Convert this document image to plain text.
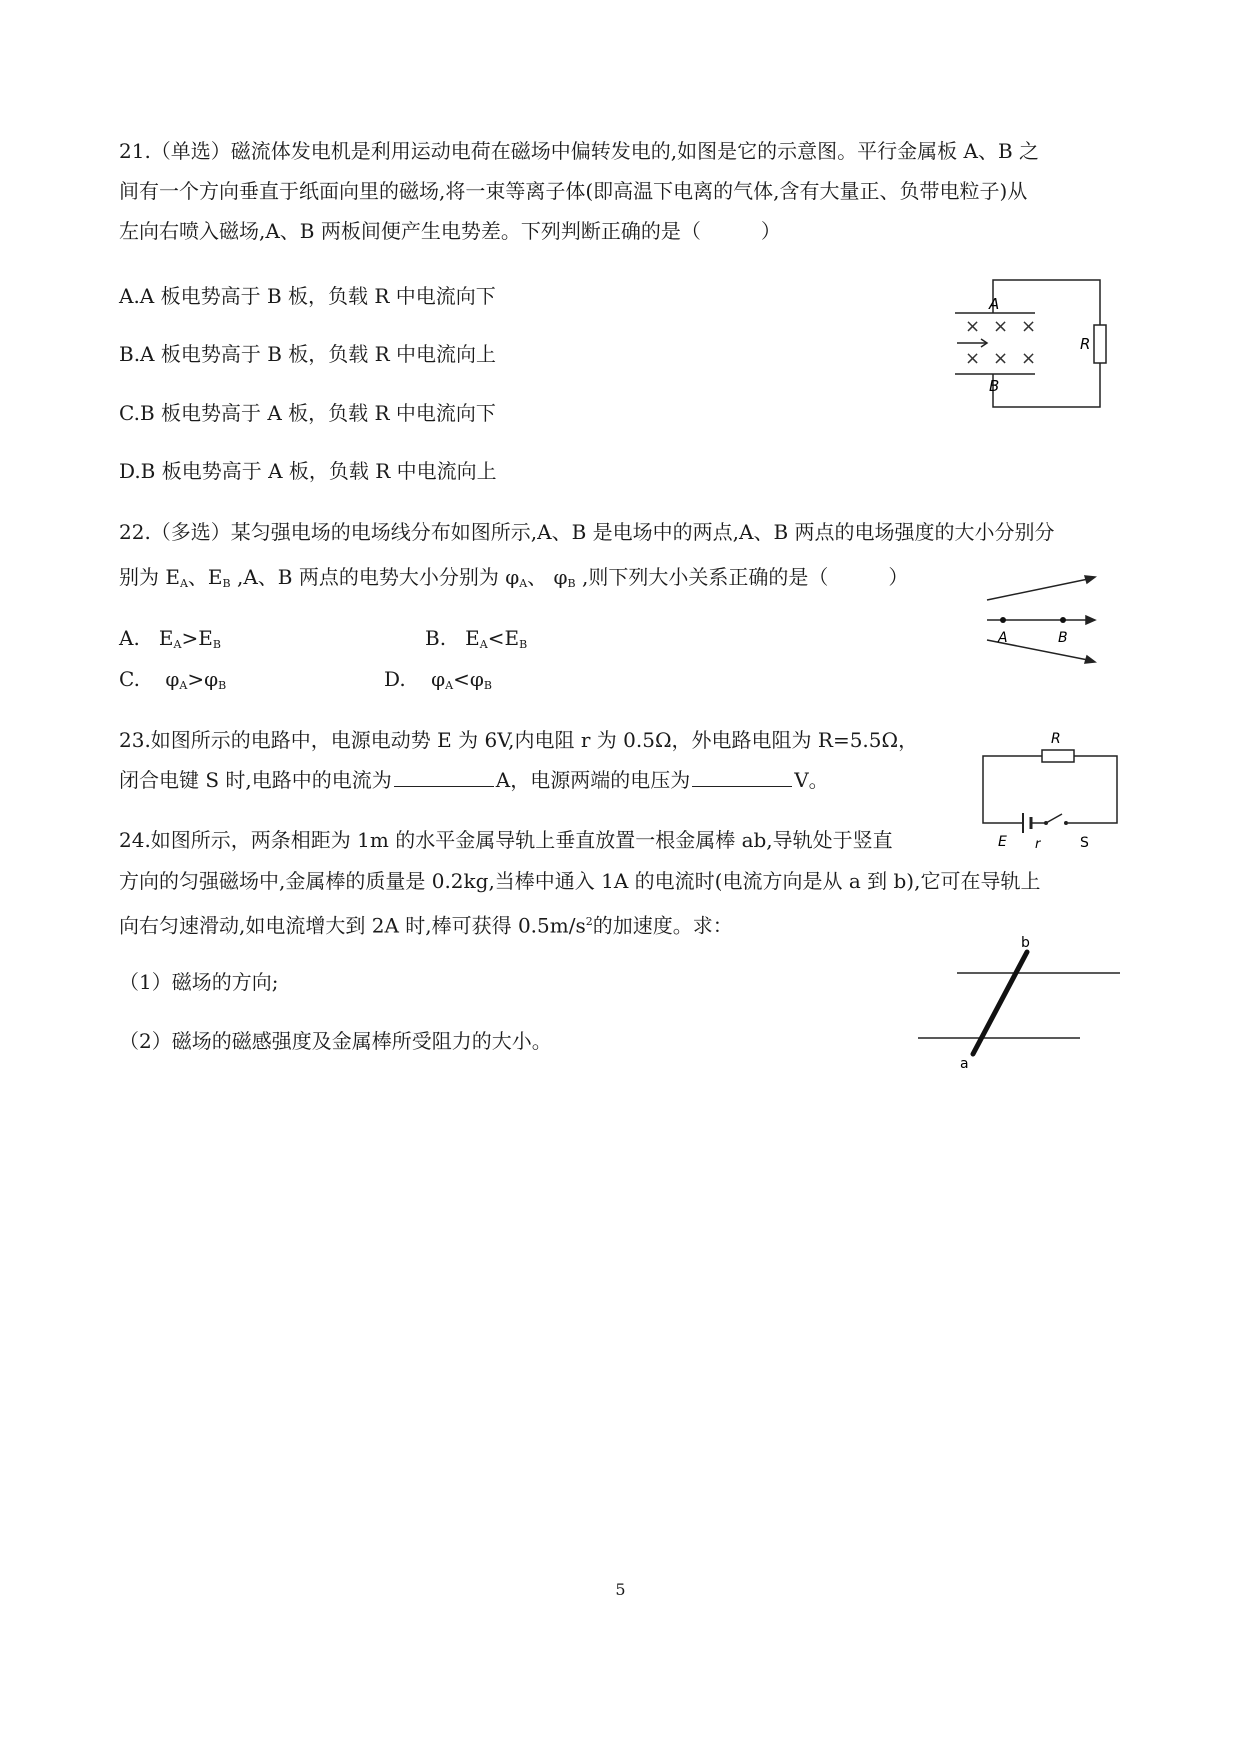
21.（单选）磁流体发电机是利用运动电荷在磁场中偏转发电的,如图是它的示意图。平行金属板 A、B 之
间有一个方向垂直于纸面向里的磁场,将一束等离子体(即高温下电离的气体,含有大量正、负带电粒子)从
左向右喷入磁场,A、B 两板间便产生电势差。下列判断正确的是（　　　）
A.A 板电势高于 B 板，负载 R 中电流向下
B.A 板电势高于 B 板，负载 R 中电流向上
C.B 板电势高于 A 板，负载 R 中电流向下
D.B 板电势高于 A 板，负载 R 中电流向上
A
B
R
× × ×
× × ×
22.（多选）某匀强电场的电场线分布如图所示,A、B 是电场中的两点,A、B 两点的电场强度的大小分别分
别为 $E_A$、$E_B$ ,A、B 两点的电势大小分别为 $\varphi_A$、 $\varphi_B$ ,则下列大小关系正确的是（　　　）
A. $E_A>E_B$	B. $E_A<E_B$
C. $\varphi_A>\varphi_B$	D. $\varphi_A<\varphi_B$
A	B
23.如图所示的电路中，电源电动势 E 为 6V,内电阻 r 为 0.5Ω，外电路电阻为 R=5.5Ω，
闭合电键 S 时,电路中的电流为	A，电源两端的电压为	V。
R
E r	S
24.如图所示，两条相距为 1m 的水平金属导轨上垂直放置一根金属棒 ab,导轨处于竖直
方向的匀强磁场中,金属棒的质量是 0.2kg,当棒中通入 1A 的电流时(电流方向是从 a 到 b),它可在导轨上
向右匀速滑动,如电流增大到 2A 时,棒可获得 $0.5m/s^2$的加速度。求：
（1）磁场的方向;
（2）磁场的磁感强度及金属棒所受阻力的大小。
b
a
5
